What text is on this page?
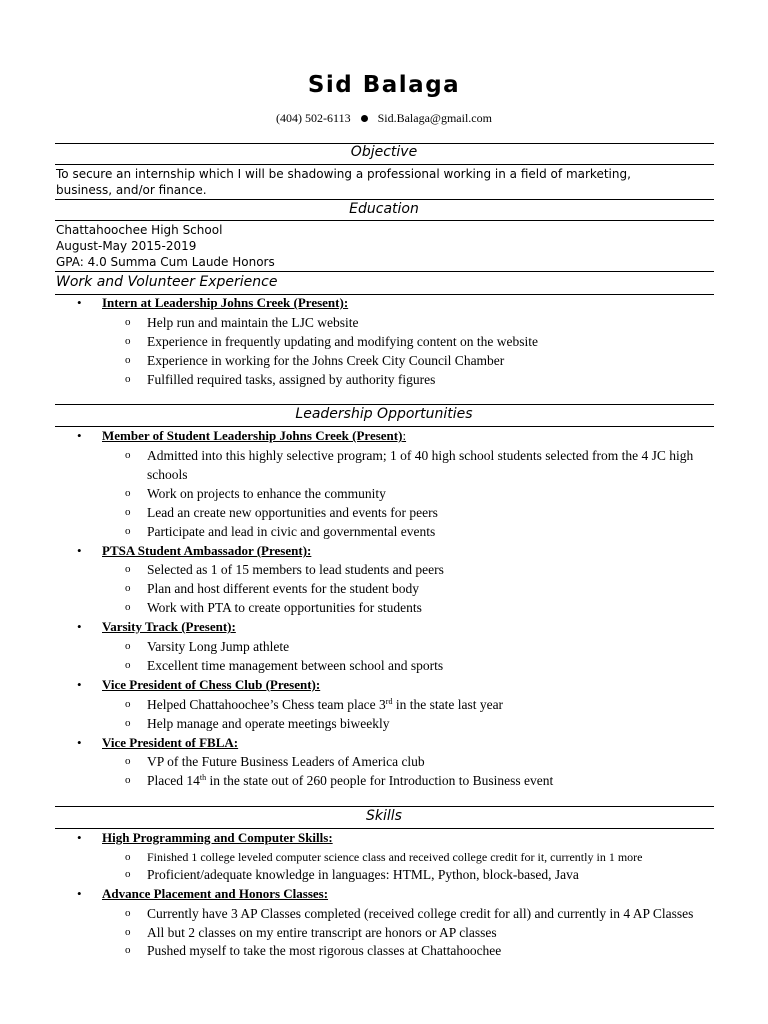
Sid Balaga
(404) 502-6113 Sid.Balaga@gmail.com
Objective
To secure an internship which I will be shadowing a professional working in a field of marketing,
business, and/or finance.
Education
Chattahoochee High School
August-May 2015-2019
GPA: 4.0 Summa Cum Laude Honors
Work and Volunteer Experience
• Intern at Leadership Johns Creek (Present):
o Help run and maintain the LJC website
o Experience in frequently updating and modifying content on the website
o Experience in working for the Johns Creek City Council Chamber
o Fulfilled required tasks, assigned by authority figures
Leadership Opportunities
• Member of Student Leadership Johns Creek (Present):
o Admitted into this highly selective program; 1 of 40 high school students selected from the 4 JC high
schools
o Work on projects to enhance the community
o Lead an create new opportunities and events for peers
o Participate and lead in civic and governmental events
• PTSA Student Ambassador (Present):
o Selected as 1 of 15 members to lead students and peers
o Plan and host different events for the student body
o Work with PTA to create opportunities for students
• Varsity Track (Present):
o Varsity Long Jump athlete
o Excellent time management between school and sports
• Vice President of Chess Club (Present):
o Helped Chattahoochee’s Chess team place 3rd in the state last year
o Help manage and operate meetings biweekly
• Vice President of FBLA:
o VP of the Future Business Leaders of America club
o Placed 14th in the state out of 260 people for Introduction to Business event
Skills
• High Programming and Computer Skills:
o Finished 1 college leveled computer science class and received college credit for it, currently in 1 more
o Proficient/adequate knowledge in languages: HTML, Python, block-based, Java
• Advance Placement and Honors Classes:
o Currently have 3 AP Classes completed (received college credit for all) and currently in 4 AP Classes
o All but 2 classes on my entire transcript are honors or AP classes
o Pushed myself to take the most rigorous classes at Chattahoochee
